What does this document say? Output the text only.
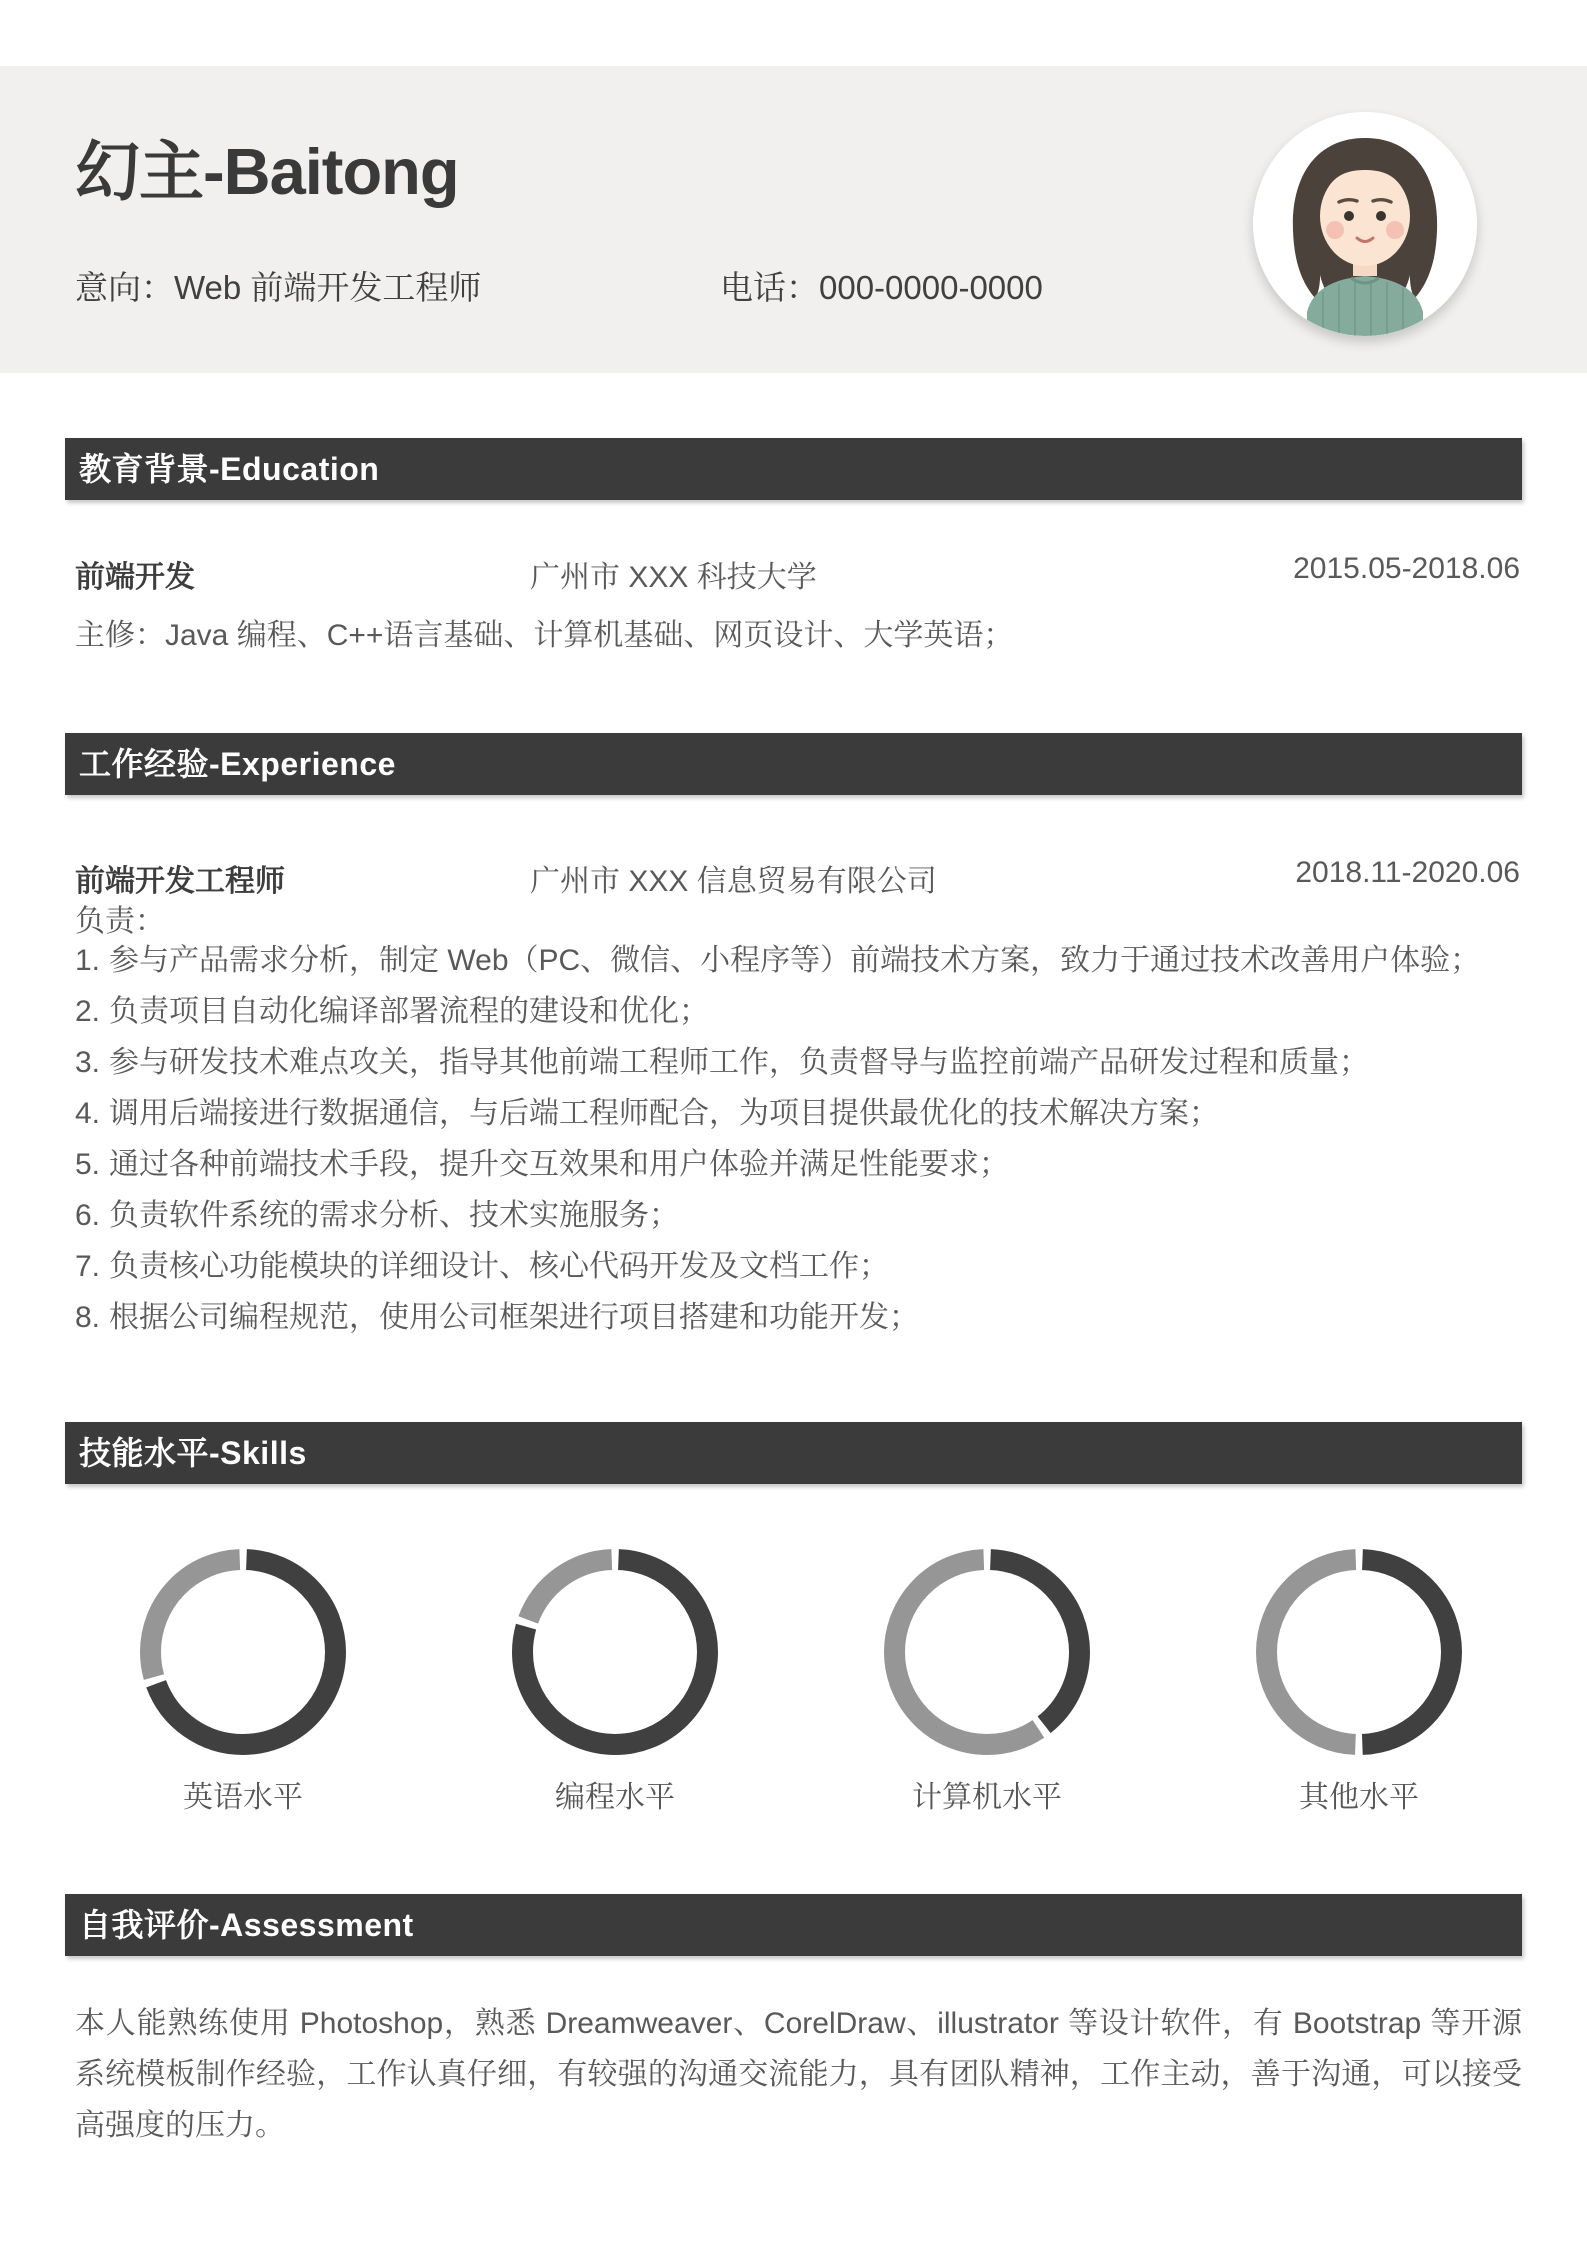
幻主-Baitong
意向：Web 前端开发工程师	电话：000-0000-0000
教育背景-Education
前端开发	广州市 XXX 科技大学	2015.05-2018.06
主修：Java 编程、C++语言基础、计算机基础、网页设计、大学英语；
工作经验-Experience
前端开发工程师	广州市 XXX 信息贸易有限公司	2018.11-2020.06
负责：
1. 参与产品需求分析，制定 Web（PC、微信、小程序等）前端技术方案，致力于通过技术改善用户体验；
2. 负责项目自动化编译部署流程的建设和优化；
3. 参与研发技术难点攻关，指导其他前端工程师工作，负责督导与监控前端产品研发过程和质量；
4. 调用后端接进行数据通信，与后端工程师配合，为项目提供最优化的技术解决方案；
5. 通过各种前端技术手段，提升交互效果和用户体验并满足性能要求；
6. 负责软件系统的需求分析、技术实施服务；
7. 负责核心功能模块的详细设计、核心代码开发及文档工作；
8. 根据公司编程规范，使用公司框架进行项目搭建和功能开发；
技能水平-Skills
英语水平	编程水平	计算机水平	其他水平
自我评价-Assessment
本人能熟练使用 Photoshop，熟悉 Dreamweaver、CorelDraw、illustrator 等设计软件，有 Bootstrap 等开源系统模板制作经验，工作认真仔细，有较强的沟通交流能力，具有团队精神，工作主动，善于沟通，可以接受高强度的压力。
